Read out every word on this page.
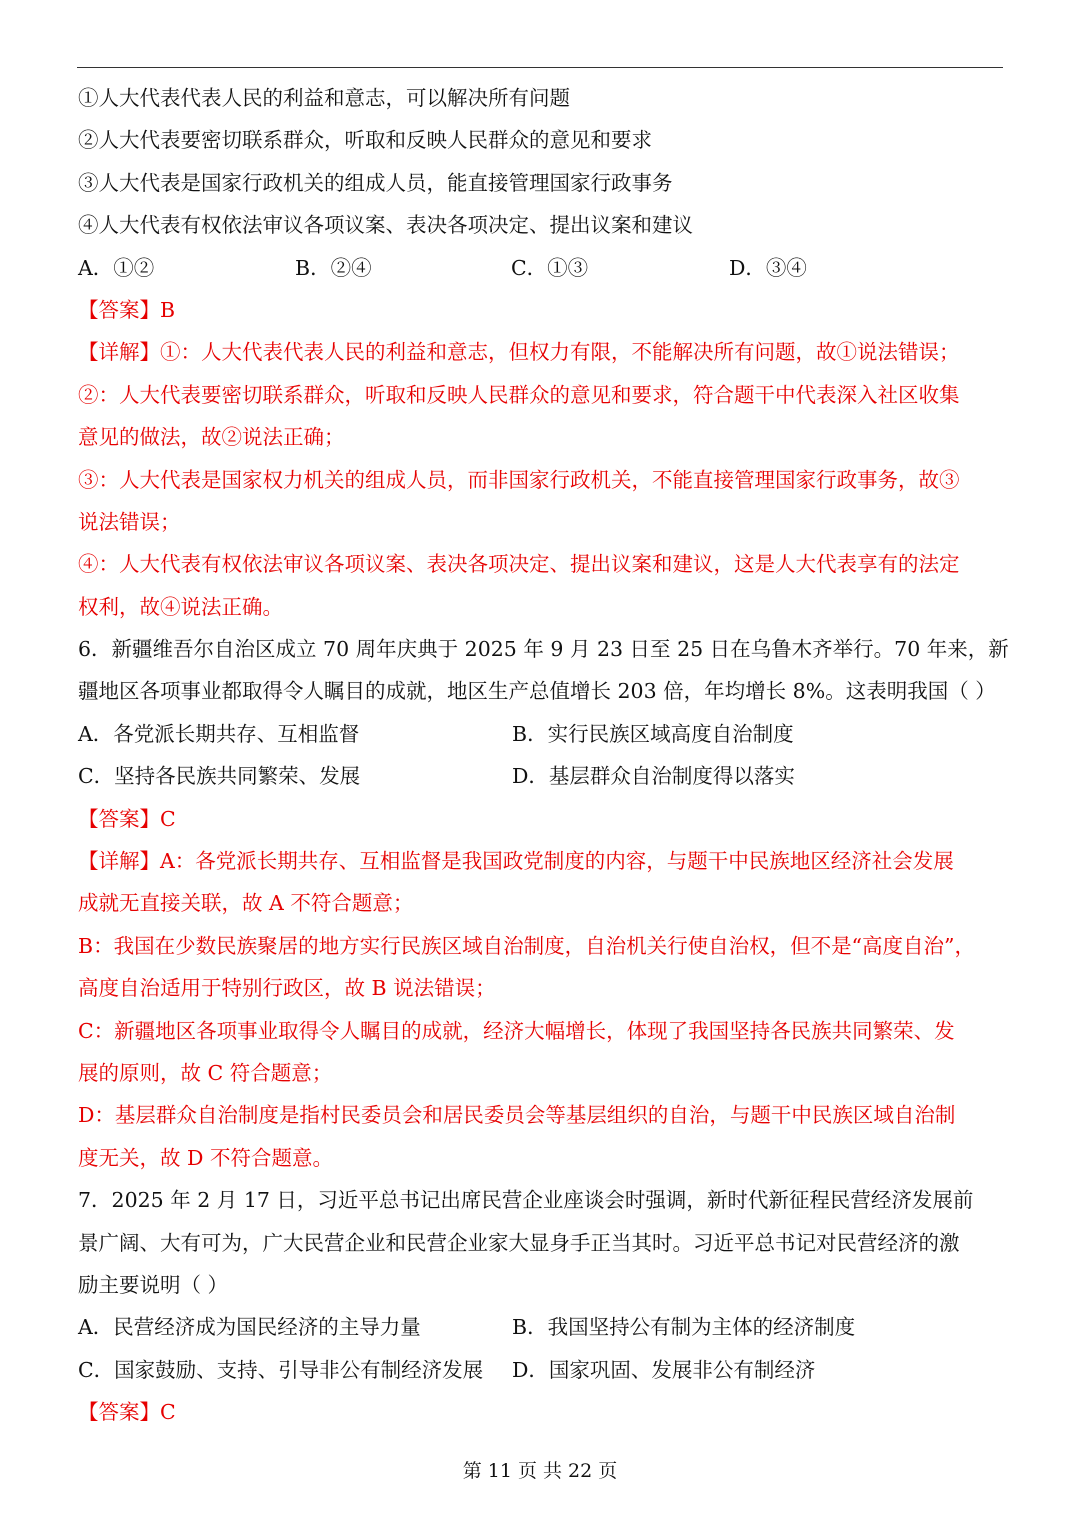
①人大代表代表人民的利益和意志，可以解决所有问题
②人大代表要密切联系群众，听取和反映人民群众的意见和要求
③人大代表是国家行政机关的组成人员，能直接管理国家行政事务
④人大代表有权依法审议各项议案、表决各项决定、提出议案和建议
A．①②	B．②④	C．①③	D．③④
【答案】B
【详解】①：人大代表代表人民的利益和意志，但权力有限，不能解决所有问题，故①说法错误；
②：人大代表要密切联系群众，听取和反映人民群众的意见和要求，符合题干中代表深入社区收集
意见的做法，故②说法正确；
③：人大代表是国家权力机关的组成人员，而非国家行政机关，不能直接管理国家行政事务，故③
说法错误；
④：人大代表有权依法审议各项议案、表决各项决定、提出议案和建议，这是人大代表享有的法定
权利，故④说法正确。
6．新疆维吾尔自治区成立 70 周年庆典于 2025 年 9 月 23 日至 25 日在乌鲁木齐举行。70 年来，新
疆地区各项事业都取得令人瞩目的成就，地区生产总值增长 203 倍，年均增长 8%。这表明我国（ ）
A．各党派长期共存、互相监督	B．实行民族区域高度自治制度
C．坚持各民族共同繁荣、发展	D．基层群众自治制度得以落实
【答案】C
【详解】A：各党派长期共存、互相监督是我国政党制度的内容，与题干中民族地区经济社会发展
成就无直接关联，故 A 不符合题意；
B：我国在少数民族聚居的地方实行民族区域自治制度，自治机关行使自治权，但不是“高度自治”，
高度自治适用于特别行政区，故 B 说法错误；
C：新疆地区各项事业取得令人瞩目的成就，经济大幅增长，体现了我国坚持各民族共同繁荣、发
展的原则，故 C 符合题意；
D：基层群众自治制度是指村民委员会和居民委员会等基层组织的自治，与题干中民族区域自治制
度无关，故 D 不符合题意。
7．2025 年 2 月 17 日，习近平总书记出席民营企业座谈会时强调，新时代新征程民营经济发展前
景广阔、大有可为，广大民营企业和民营企业家大显身手正当其时。习近平总书记对民营经济的激
励主要说明（ ）
A．民营经济成为国民经济的主导力量	B．我国坚持公有制为主体的经济制度
C．国家鼓励、支持、引导非公有制经济发展 D．国家巩固、发展非公有制经济
【答案】C
第 11 页 共 22 页
